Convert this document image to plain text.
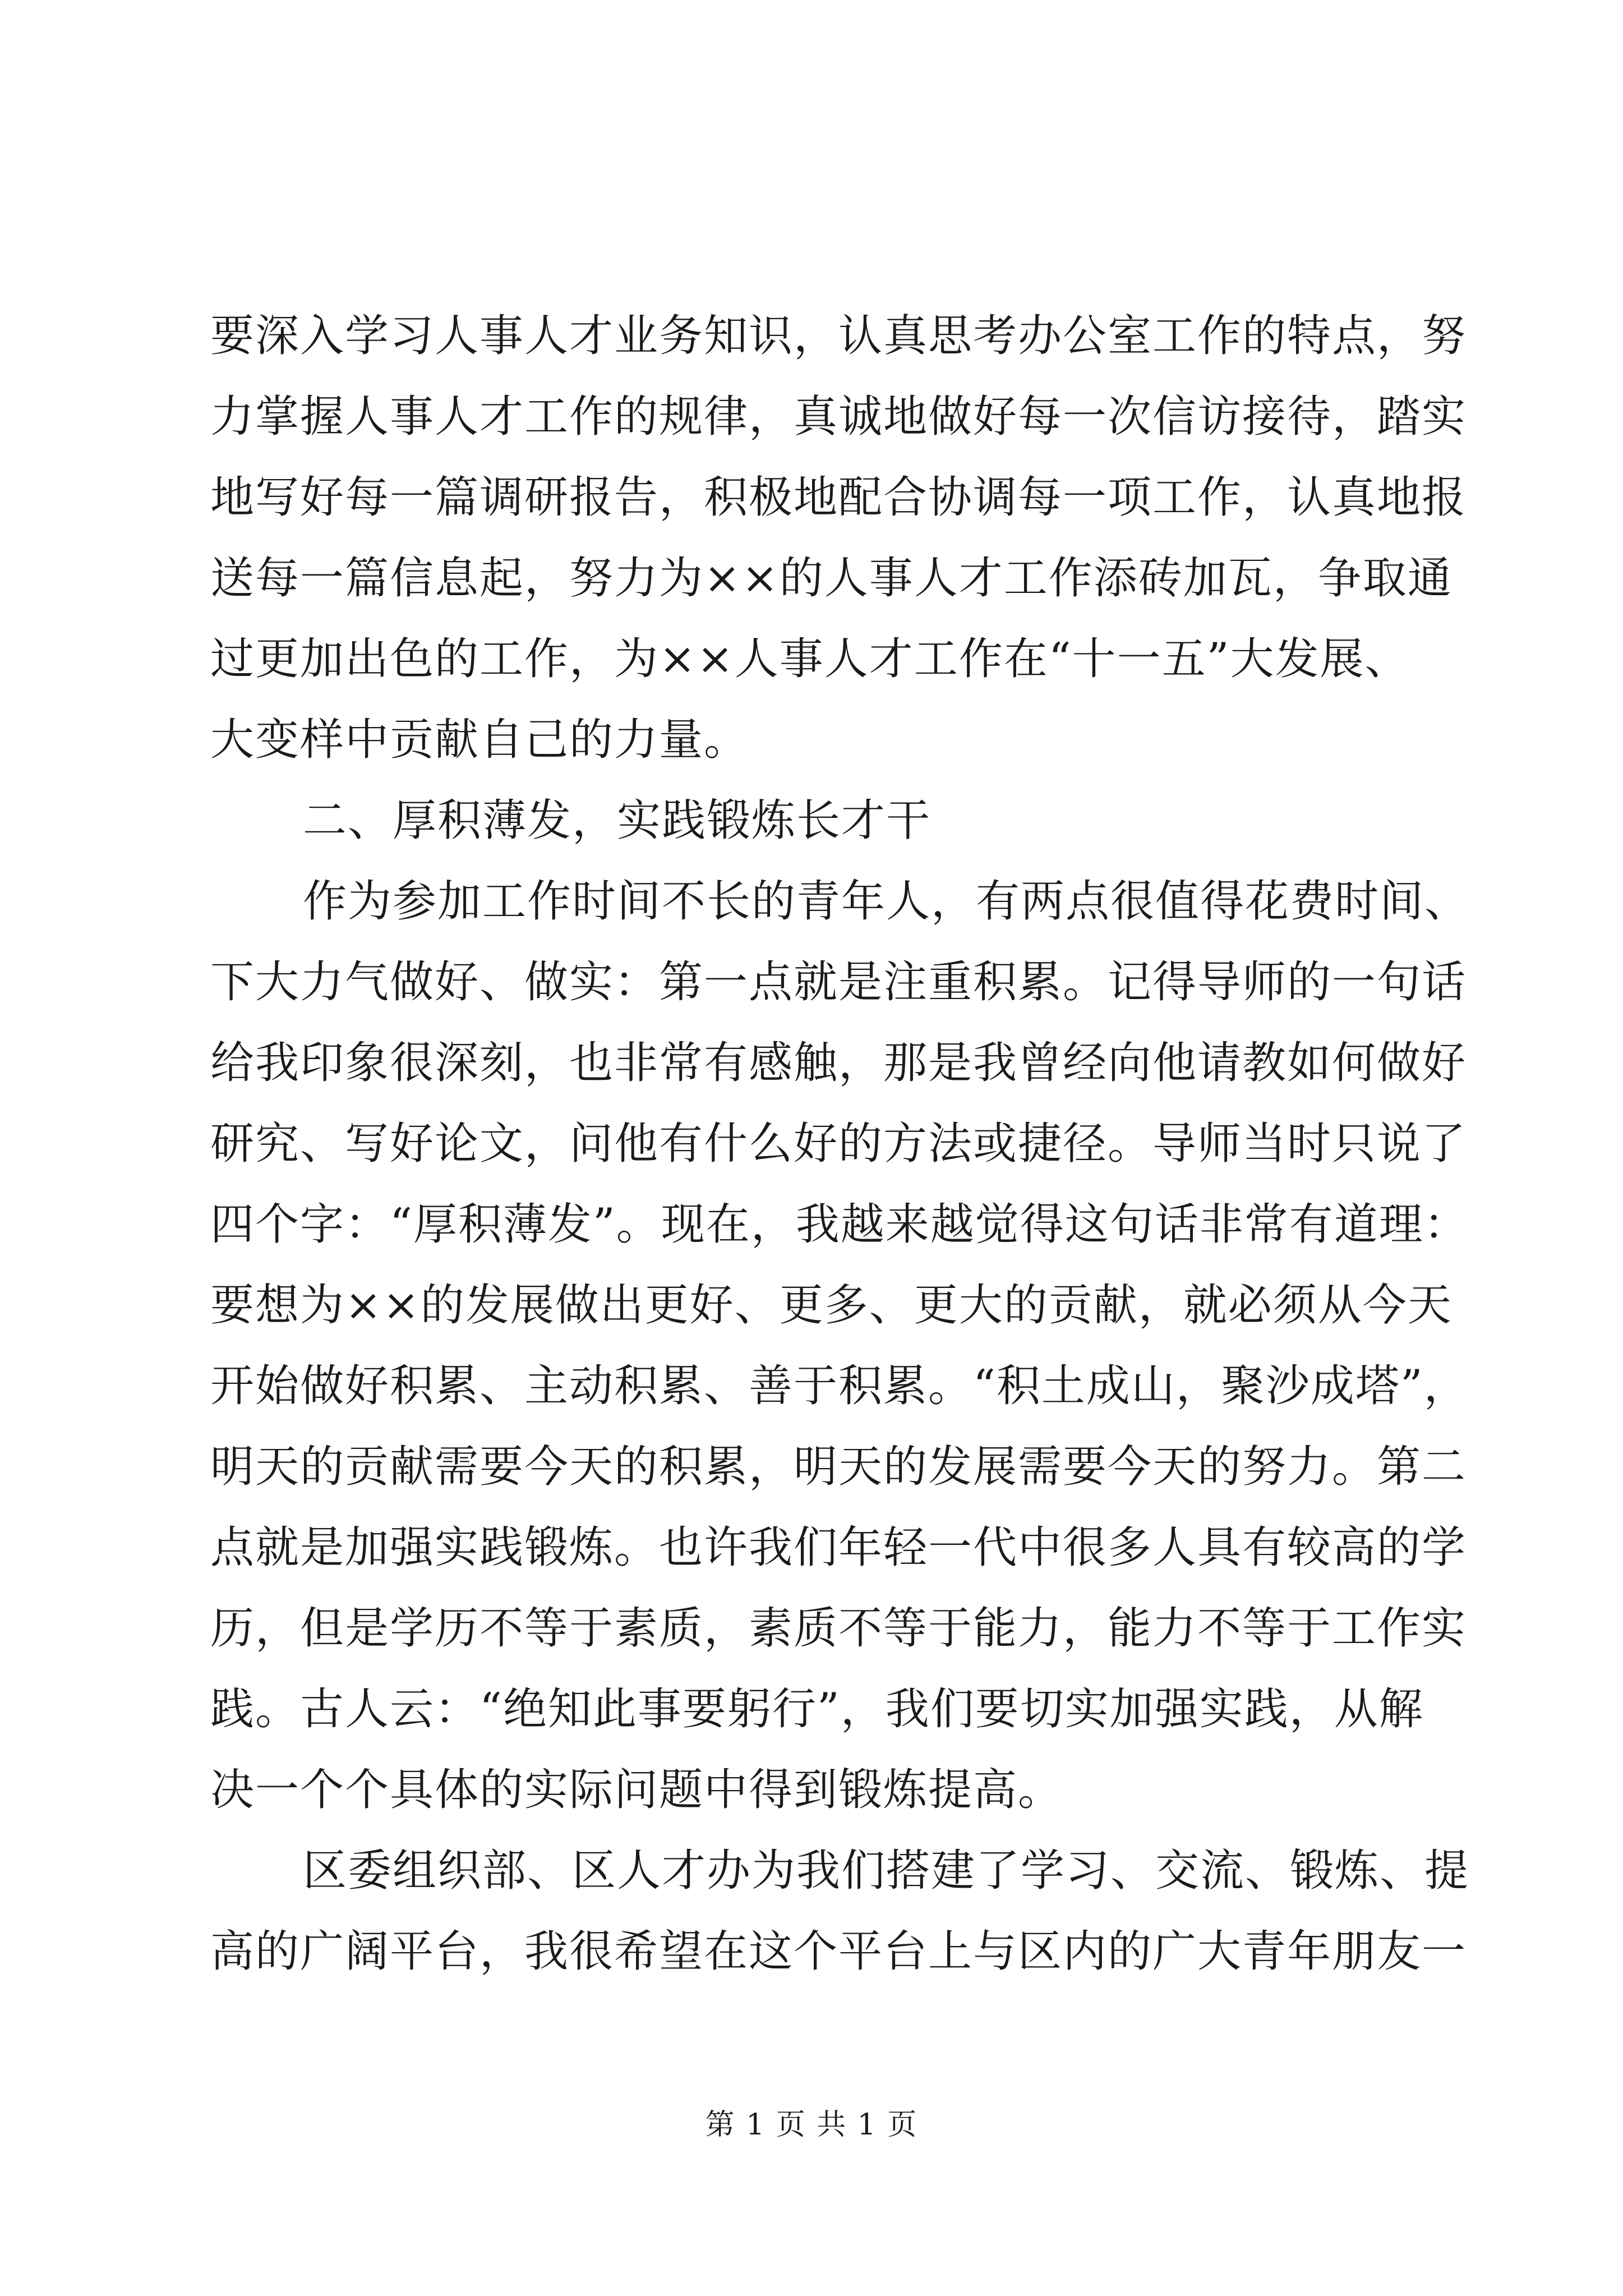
要深入学习人事人才业务知识，认真思考办公室工作的特点，努
力掌握人事人才工作的规律，真诚地做好每一次信访接待，踏实
地写好每一篇调研报告，积极地配合协调每一项工作，认真地报
送每一篇信息起，努力为××的人事人才工作添砖加瓦，争取通
过更加出色的工作，为××人事人才工作在“十一五”大发展、
大变样中贡献自己的力量。
二、厚积薄发，实践锻炼长才干
作为参加工作时间不长的青年人，有两点很值得花费时间、
下大力气做好、做实：第一点就是注重积累。记得导师的一句话
给我印象很深刻，也非常有感触，那是我曾经向他请教如何做好
研究、写好论文，问他有什么好的方法或捷径。导师当时只说了
四个字：“厚积薄发”。现在，我越来越觉得这句话非常有道理：
要想为××的发展做出更好、更多、更大的贡献，就必须从今天
开始做好积累、主动积累、善于积累。“积土成山，聚沙成塔”，
明天的贡献需要今天的积累，明天的发展需要今天的努力。第二
点就是加强实践锻炼。也许我们年轻一代中很多人具有较高的学
历，但是学历不等于素质，素质不等于能力，能力不等于工作实
践。古人云：“绝知此事要躬行”，我们要切实加强实践，从解
决一个个具体的实际问题中得到锻炼提高。
区委组织部、区人才办为我们搭建了学习、交流、锻炼、提
高的广阔平台，我很希望在这个平台上与区内的广大青年朋友一
第 1 页 共 1 页
